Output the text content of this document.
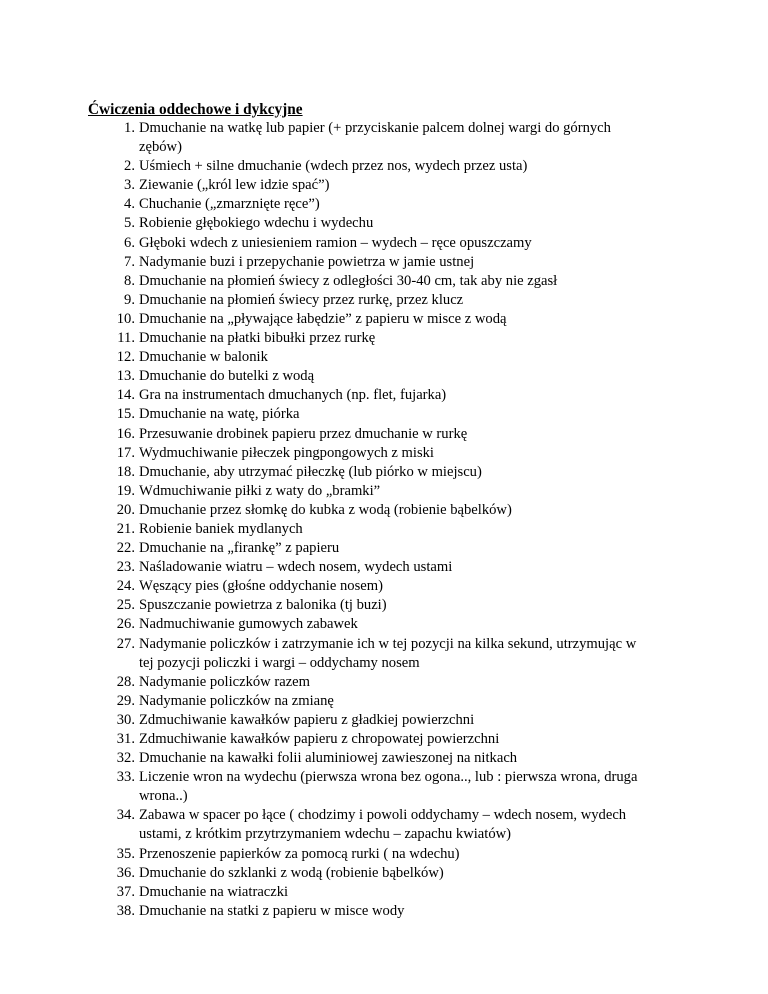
Ćwiczenia oddechowe i dykcyjne
1. Dmuchanie na watkę lub papier (+ przyciskanie palcem dolnej wargi do górnych
zębów)
2. Uśmiech + silne dmuchanie (wdech przez nos, wydech przez usta)
3. Ziewanie („król lew idzie spać”)
4. Chuchanie („zmarznięte ręce”)
5. Robienie głębokiego wdechu i wydechu
6. Głęboki wdech z uniesieniem ramion – wydech – ręce opuszczamy
7. Nadymanie buzi i przepychanie powietrza w jamie ustnej
8. Dmuchanie na płomień świecy z odległości 30-40 cm, tak aby nie zgasł
9. Dmuchanie na płomień świecy przez rurkę, przez klucz
10. Dmuchanie na „pływające łabędzie” z papieru w misce z wodą
11. Dmuchanie na płatki bibułki przez rurkę
12. Dmuchanie w balonik
13. Dmuchanie do butelki z wodą
14. Gra na instrumentach dmuchanych (np. flet, fujarka)
15. Dmuchanie na watę, piórka
16. Przesuwanie drobinek papieru przez dmuchanie w rurkę
17. Wydmuchiwanie piłeczek pingpongowych z miski
18. Dmuchanie, aby utrzymać piłeczkę (lub piórko w miejscu)
19. Wdmuchiwanie piłki z waty do „bramki”
20. Dmuchanie przez słomkę do kubka z wodą (robienie bąbelków)
21. Robienie baniek mydlanych
22. Dmuchanie na „firankę” z papieru
23. Naśladowanie wiatru – wdech nosem, wydech ustami
24. Węszący pies (głośne oddychanie nosem)
25. Spuszczanie powietrza z balonika (tj buzi)
26. Nadmuchiwanie gumowych zabawek
27. Nadymanie policzków i zatrzymanie ich w tej pozycji na kilka sekund, utrzymując w
tej pozycji policzki i wargi – oddychamy nosem
28. Nadymanie policzków razem
29. Nadymanie policzków na zmianę
30. Zdmuchiwanie kawałków papieru z gładkiej powierzchni
31. Zdmuchiwanie kawałków papieru z chropowatej powierzchni
32. Dmuchanie na kawałki folii aluminiowej zawieszonej na nitkach
33. Liczenie wron na wydechu (pierwsza wrona bez ogona.., lub : pierwsza wrona, druga
wrona..)
34. Zabawa w spacer po łące ( chodzimy i powoli oddychamy – wdech nosem, wydech
ustami, z krótkim przytrzymaniem wdechu – zapachu kwiatów)
35. Przenoszenie papierków za pomocą rurki ( na wdechu)
36. Dmuchanie do szklanki z wodą (robienie bąbelków)
37. Dmuchanie na wiatraczki
38. Dmuchanie na statki z papieru w misce wody
